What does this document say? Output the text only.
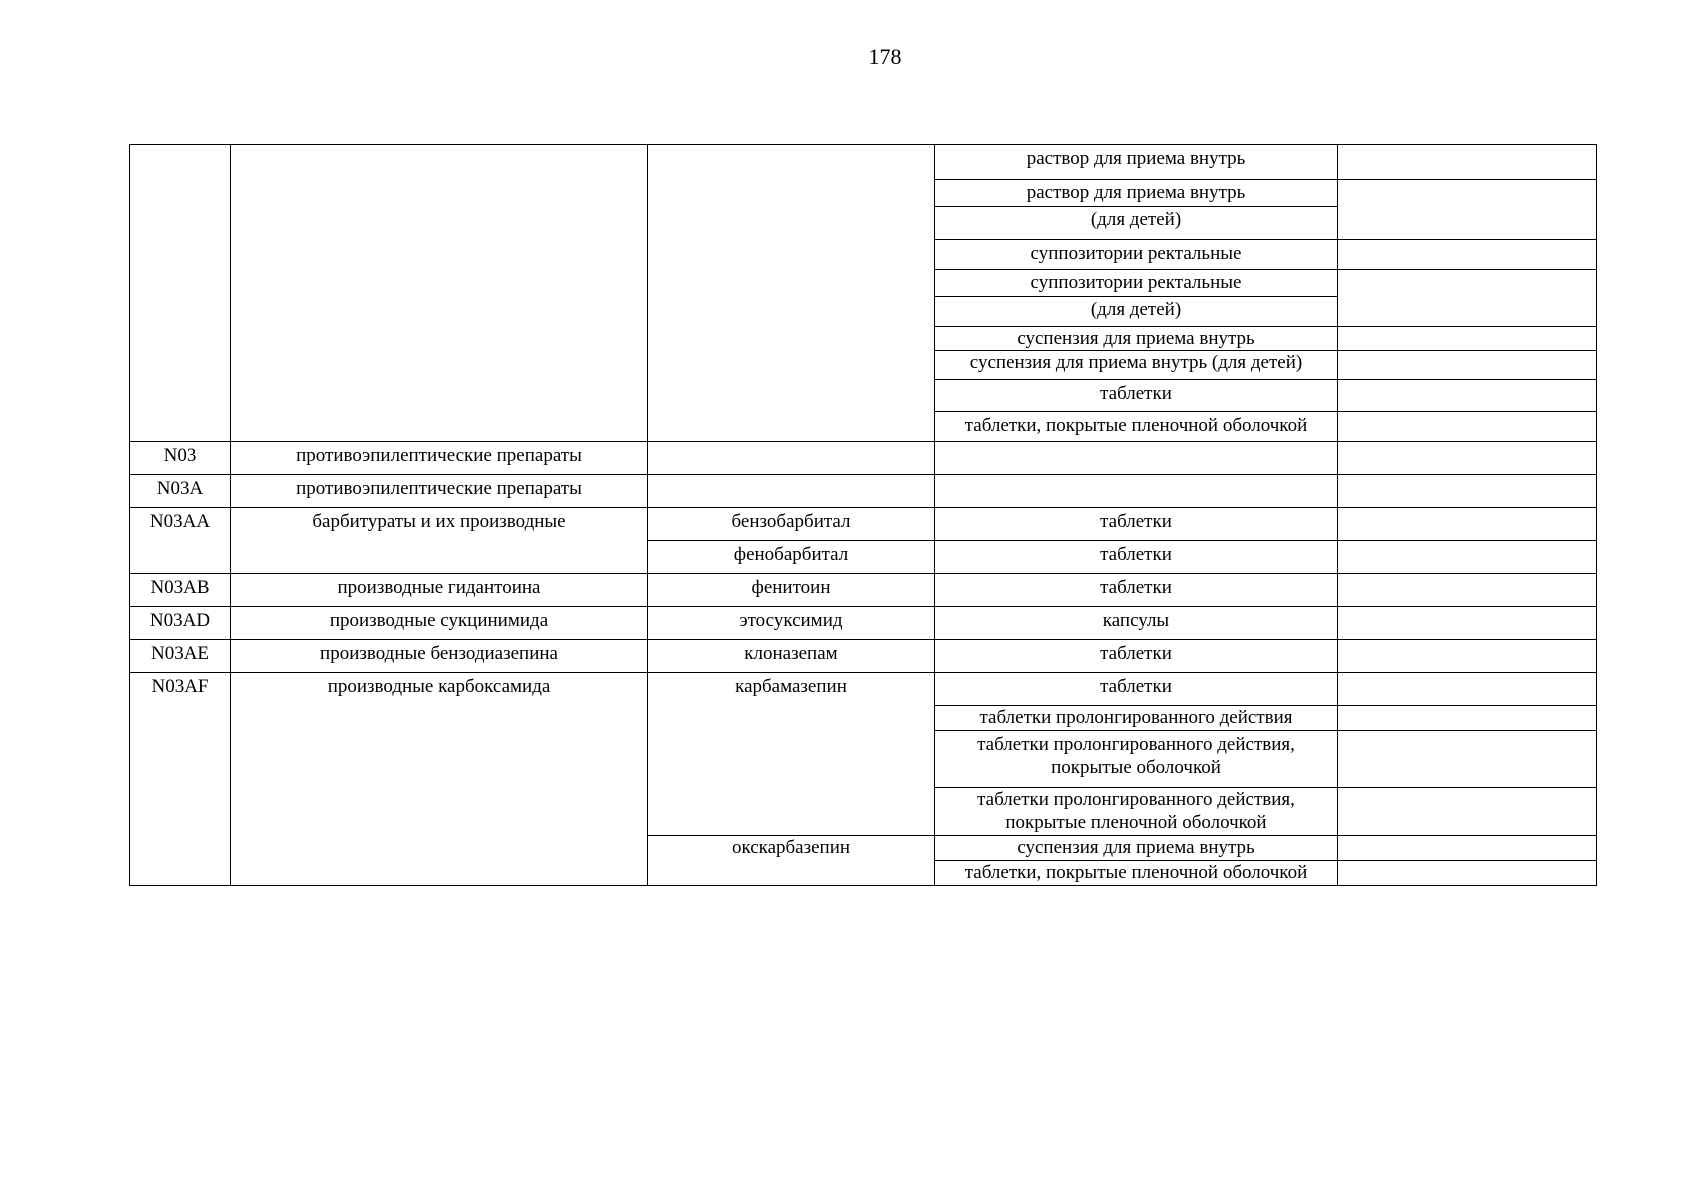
178
			раствор для приема внутрь	

			раствор для приема внутрь
(для детей)	

			суппозитории ректальные	

			суппозитории ректальные
(для детей)	

			суспензия для приема внутрь	
			суспензия для приема внутрь (для детей)	
			таблетки	
			таблетки, покрытые пленочной оболочкой	
N03	противоэпилептические препараты			
N03A	противоэпилептические препараты			
N03AA	барбитураты и их производные	бензобарбитал	таблетки	
		фенобарбитал	таблетки	
N03AB	производные гидантоина	фенитоин	таблетки	
N03AD	производные сукцинимида	этосуксимид	капсулы	
N03AE	производные бензодиазепина	клоназепам	таблетки	
N03AF	производные карбоксамида	карбамазепин	таблетки	
			таблетки пролонгированного действия	

			таблетки пролонгированного действия,
покрытые оболочкой	

			таблетки пролонгированного действия,
покрытые пленочной оболочкой	

		окскарбазепин	суспензия для приема внутрь	
			таблетки, покрытые пленочной оболочкой	
